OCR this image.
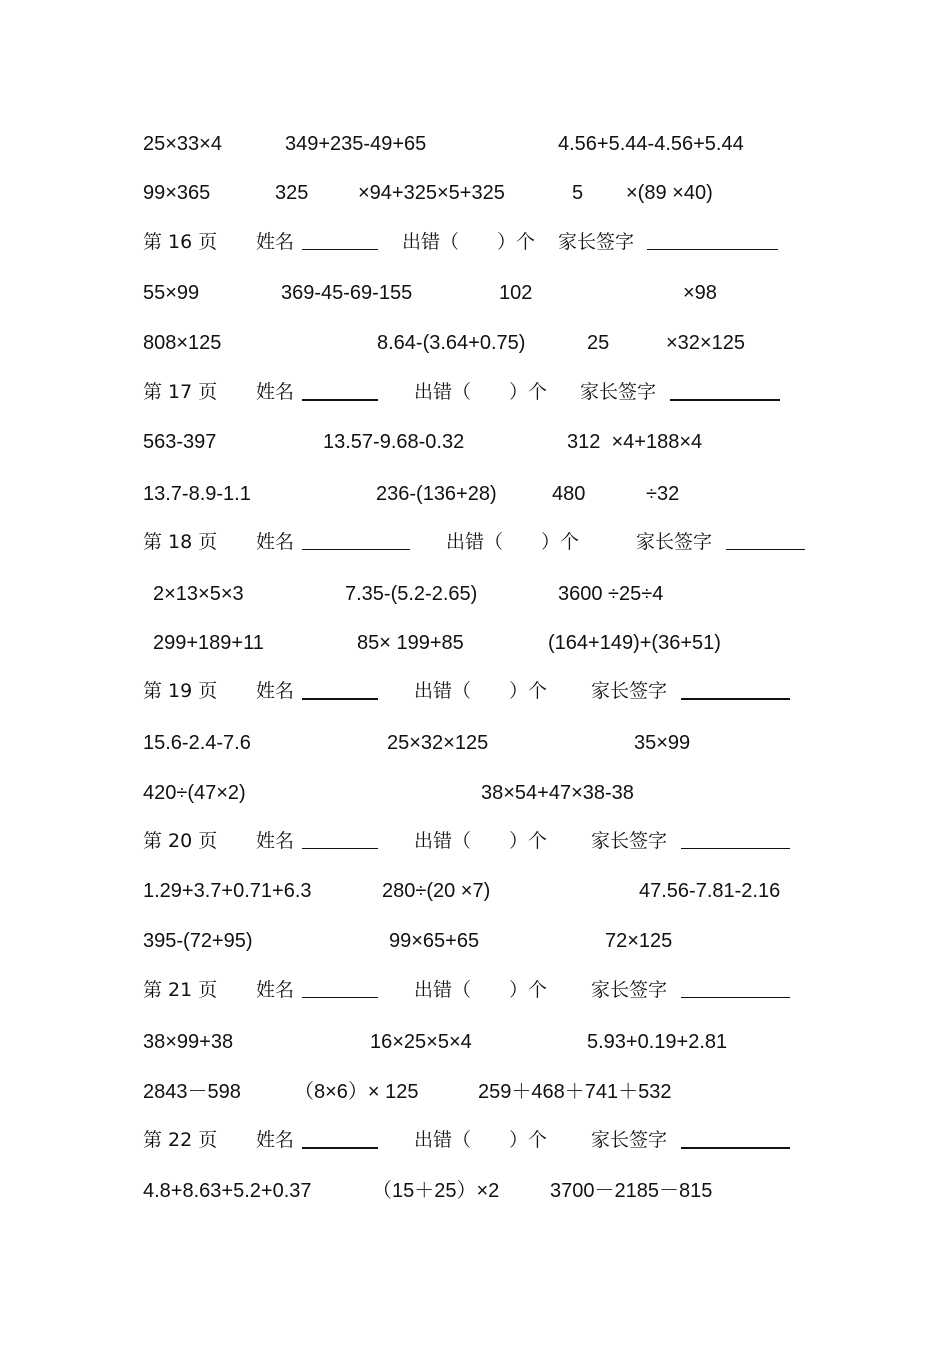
25×33×4	349+235-49+65	4.56+5.44-4.56+5.44
99×365	325 ×94+325×5+325	5 ×(89 ×40)
第 16 页 姓名	出错（　　）个 家长签字
55×99	369-45-69-155	102	×98
808×125	8.64-(3.64+0.75)	25	×32×125
第 17 页 姓名	出错（　　）个 家长签字
563-397	13.57-9.68-0.32	312  ×4+188×4
13.7-8.9-1.1	236-(136+28)	480	÷32
第 18 页 姓名	出错（　　）个	家长签字
2×13×5×3	7.35-(5.2-2.65)	3600 ÷25÷4
299+189+11	85× 199+85	(164+149)+(36+51)
第 19 页 姓名	出错（　　）个 家长签字
15.6-2.4-7.6	25×32×125	35×99
420÷(47×2)	38×54+47×38-38
第 20 页 姓名	出错（　　）个 家长签字
1.29+3.7+0.71+6.3	280÷(20 ×7)	47.56-7.81-2.16
395-(72+95)	99×65+65	72×125
第 21 页 姓名	出错（　　）个 家长签字
38×99+38	16×25×5×4	5.93+0.19+2.81
2843－598	（8×6）× 125	259＋468＋741＋532
第 22 页 姓名	出错（　　）个 家长签字
4.8+8.63+5.2+0.37	（15＋25）×2	3700－2185－815
